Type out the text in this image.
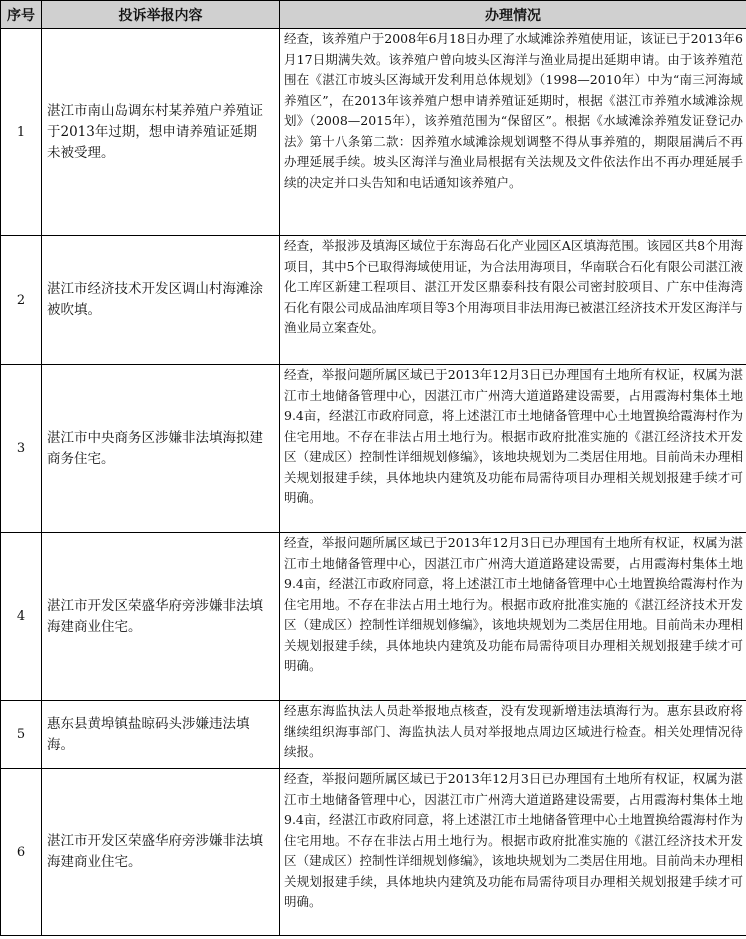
序号	投诉举报内容	办理情况
1	湛江市南山岛调东村某养殖户养殖证于2013年过期，想申请养殖证延期未被受理。	经查，该养殖户于2008年6月18日办理了水域滩涂养殖使用证，该证已于2013年6月17日期满失效。该养殖户曾向坡头区海洋与渔业局提出延期申请。由于该养殖范围在《湛江市坡头区海域开发利用总体规划》（1998—2010年）中为“南三河海域养殖区”，在2013年该养殖户想申请养殖证延期时，根据《湛江市养殖水域滩涂规划》（2008—2015年），该养殖范围为“保留区”。根据《水域滩涂养殖发证登记办法》第十八条第二款：因养殖水域滩涂规划调整不得从事养殖的，期限届满后不再办理延展手续。坡头区海洋与渔业局根据有关法规及文件依法作出不再办理延展手续的决定并口头告知和电话通知该养殖户。
2	湛江市经济技术开发区调山村海滩涂被吹填。	经查，举报涉及填海区域位于东海岛石化产业园区A区填海范围。该园区共8个用海项目，其中5个已取得海域使用证，为合法用海项目，华南联合石化有限公司湛江液化工库区新建工程项目、湛江开发区鼎泰科技有限公司密封胶项目、广东中佳海湾石化有限公司成品油库项目等3个用海项目非法用海已被湛江经济技术开发区海洋与渔业局立案查处。
3	湛江市中央商务区涉嫌非法填海拟建商务住宅。	经查，举报问题所属区域已于2013年12月3日已办理国有土地所有权证，权属为湛江市土地储备管理中心，因湛江市广州湾大道道路建设需要，占用霞海村集体土地9.4亩，经湛江市政府同意，将上述湛江市土地储备管理中心土地置换给霞海村作为住宅用地。不存在非法占用土地行为。根据市政府批准实施的《湛江经济技术开发区（建成区）控制性详细规划修编》，该地块规划为二类居住用地。目前尚未办理相关规划报建手续，具体地块内建筑及功能布局需待项目办理相关规划报建手续才可明确。
4	湛江市开发区荣盛华府旁涉嫌非法填海建商业住宅。	经查，举报问题所属区域已于2013年12月3日已办理国有土地所有权证，权属为湛江市土地储备管理中心，因湛江市广州湾大道道路建设需要，占用霞海村集体土地9.4亩，经湛江市政府同意，将上述湛江市土地储备管理中心土地置换给霞海村作为住宅用地。不存在非法占用土地行为。根据市政府批准实施的《湛江经济技术开发区（建成区）控制性详细规划修编》，该地块规划为二类居住用地。目前尚未办理相关规划报建手续，具体地块内建筑及功能布局需待项目办理相关规划报建手续才可明确。
5	惠东县黄埠镇盐晾码头涉嫌违法填海。	经惠东海监执法人员赴举报地点核查，没有发现新增违法填海行为。惠东县政府将继续组织海事部门、海监执法人员对举报地点周边区域进行检查。相关处理情况待续报。
6	湛江市开发区荣盛华府旁涉嫌非法填海建商业住宅。	经查，举报问题所属区域已于2013年12月3日已办理国有土地所有权证，权属为湛江市土地储备管理中心，因湛江市广州湾大道道路建设需要，占用霞海村集体土地9.4亩，经湛江市政府同意，将上述湛江市土地储备管理中心土地置换给霞海村作为住宅用地。不存在非法占用土地行为。根据市政府批准实施的《湛江经济技术开发区（建成区）控制性详细规划修编》，该地块规划为二类居住用地。目前尚未办理相关规划报建手续，具体地块内建筑及功能布局需待项目办理相关规划报建手续才可明确。
